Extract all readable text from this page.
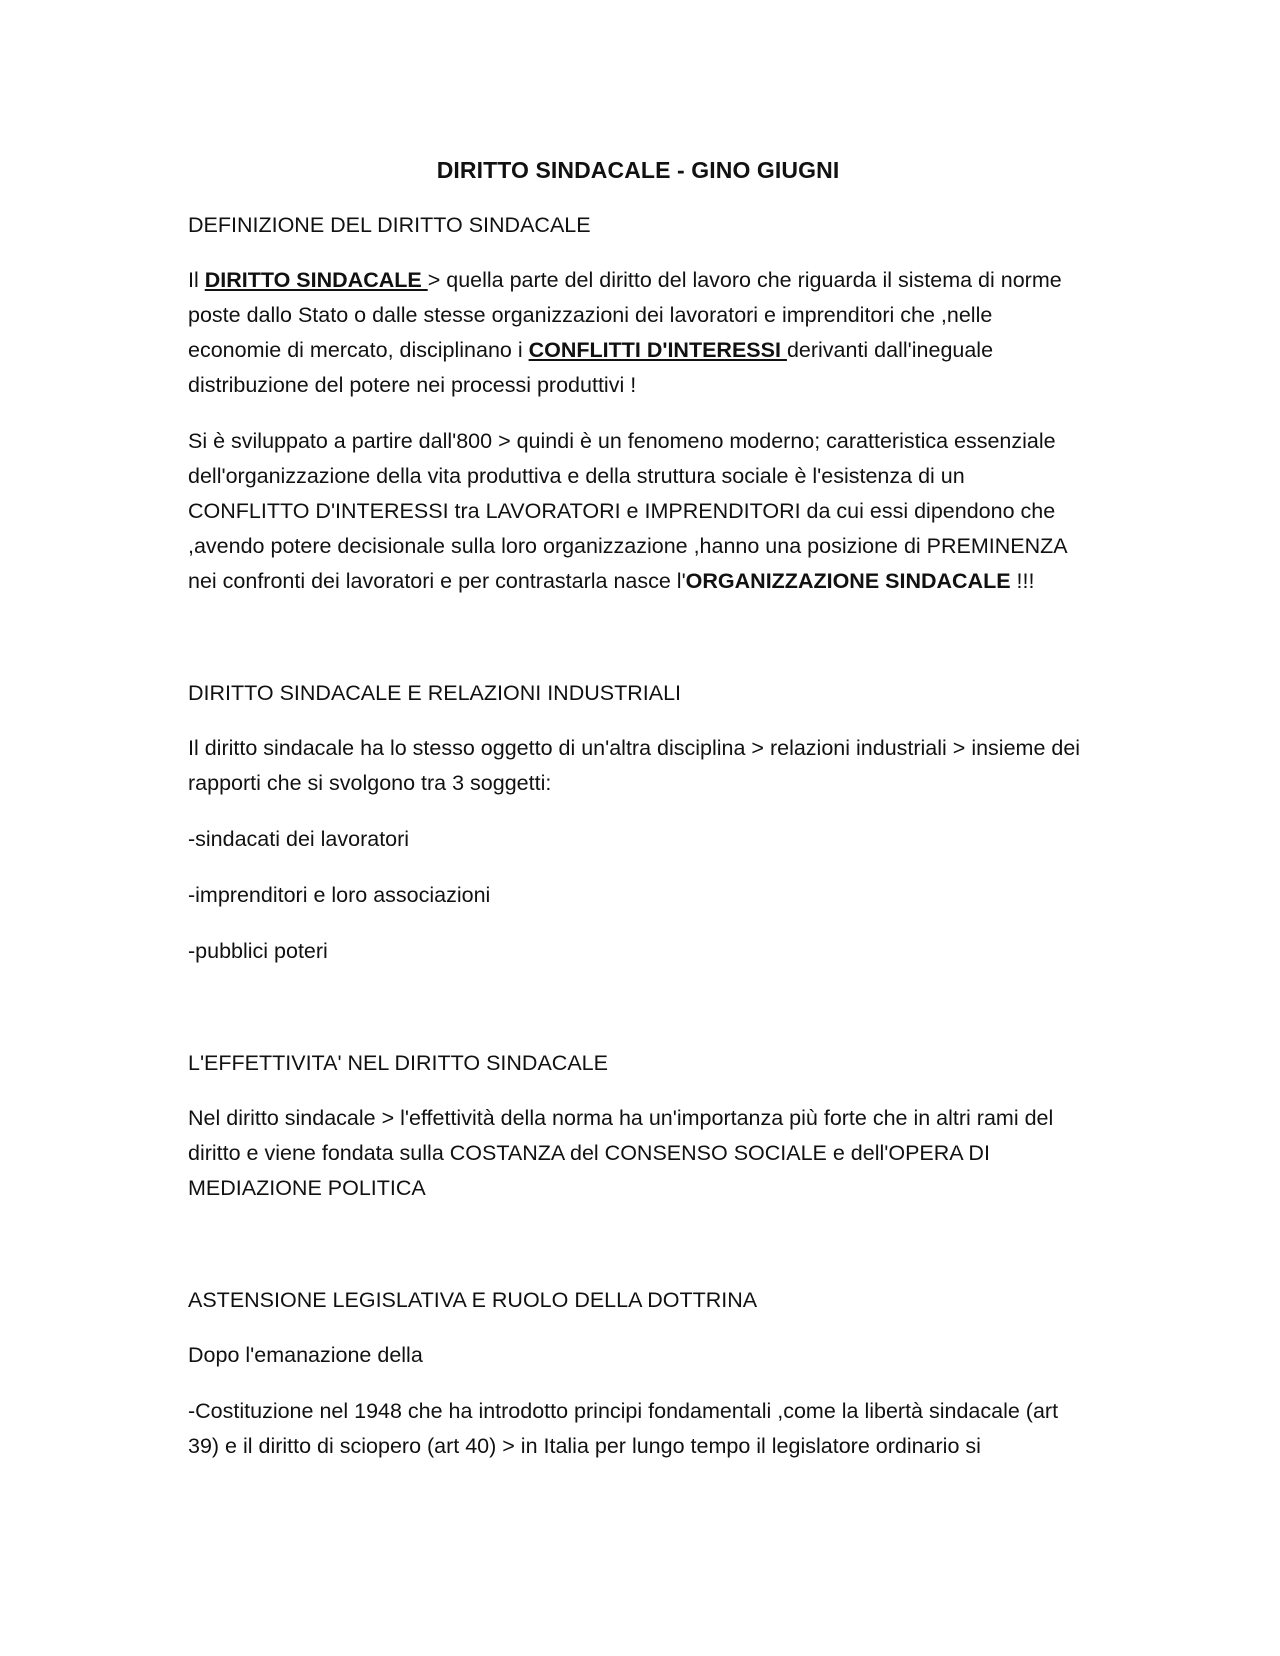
DIRITTO SINDACALE - GINO GIUGNI

DEFINIZIONE DEL DIRITTO SINDACALE

Il DIRITTO SINDACALE > quella parte del diritto del lavoro che riguarda il sistema di norme poste dallo Stato o dalle stesse organizzazioni dei lavoratori e imprenditori che ,nelle economie di mercato, disciplinano i CONFLITTI D'INTERESSI derivanti dall'ineguale distribuzione del potere nei processi produttivi !

Si è sviluppato a partire dall'800 > quindi è un fenomeno moderno; caratteristica essenziale dell'organizzazione della vita produttiva e della struttura sociale è l'esistenza di un CONFLITTO D'INTERESSI tra LAVORATORI e IMPRENDITORI da cui essi dipendono che ,avendo potere decisionale sulla loro organizzazione ,hanno una posizione di PREMINENZA nei confronti dei lavoratori e per contrastarla nasce l'ORGANIZZAZIONE SINDACALE !!!

DIRITTO SINDACALE E RELAZIONI INDUSTRIALI

Il diritto sindacale ha lo stesso oggetto di un'altra disciplina > relazioni industriali > insieme dei rapporti che si svolgono tra 3 soggetti:

-sindacati dei lavoratori

-imprenditori e loro associazioni

-pubblici poteri

L'EFFETTIVITA' NEL DIRITTO SINDACALE

Nel diritto sindacale > l'effettività della norma ha un'importanza più forte che in altri rami del diritto e viene fondata sulla COSTANZA del CONSENSO SOCIALE e dell'OPERA DI MEDIAZIONE POLITICA

ASTENSIONE LEGISLATIVA E RUOLO DELLA DOTTRINA

Dopo l'emanazione della

-Costituzione nel 1948 che ha introdotto principi fondamentali ,come la libertà sindacale (art 39) e il diritto di sciopero (art 40) > in Italia per lungo tempo il legislatore ordinario si
